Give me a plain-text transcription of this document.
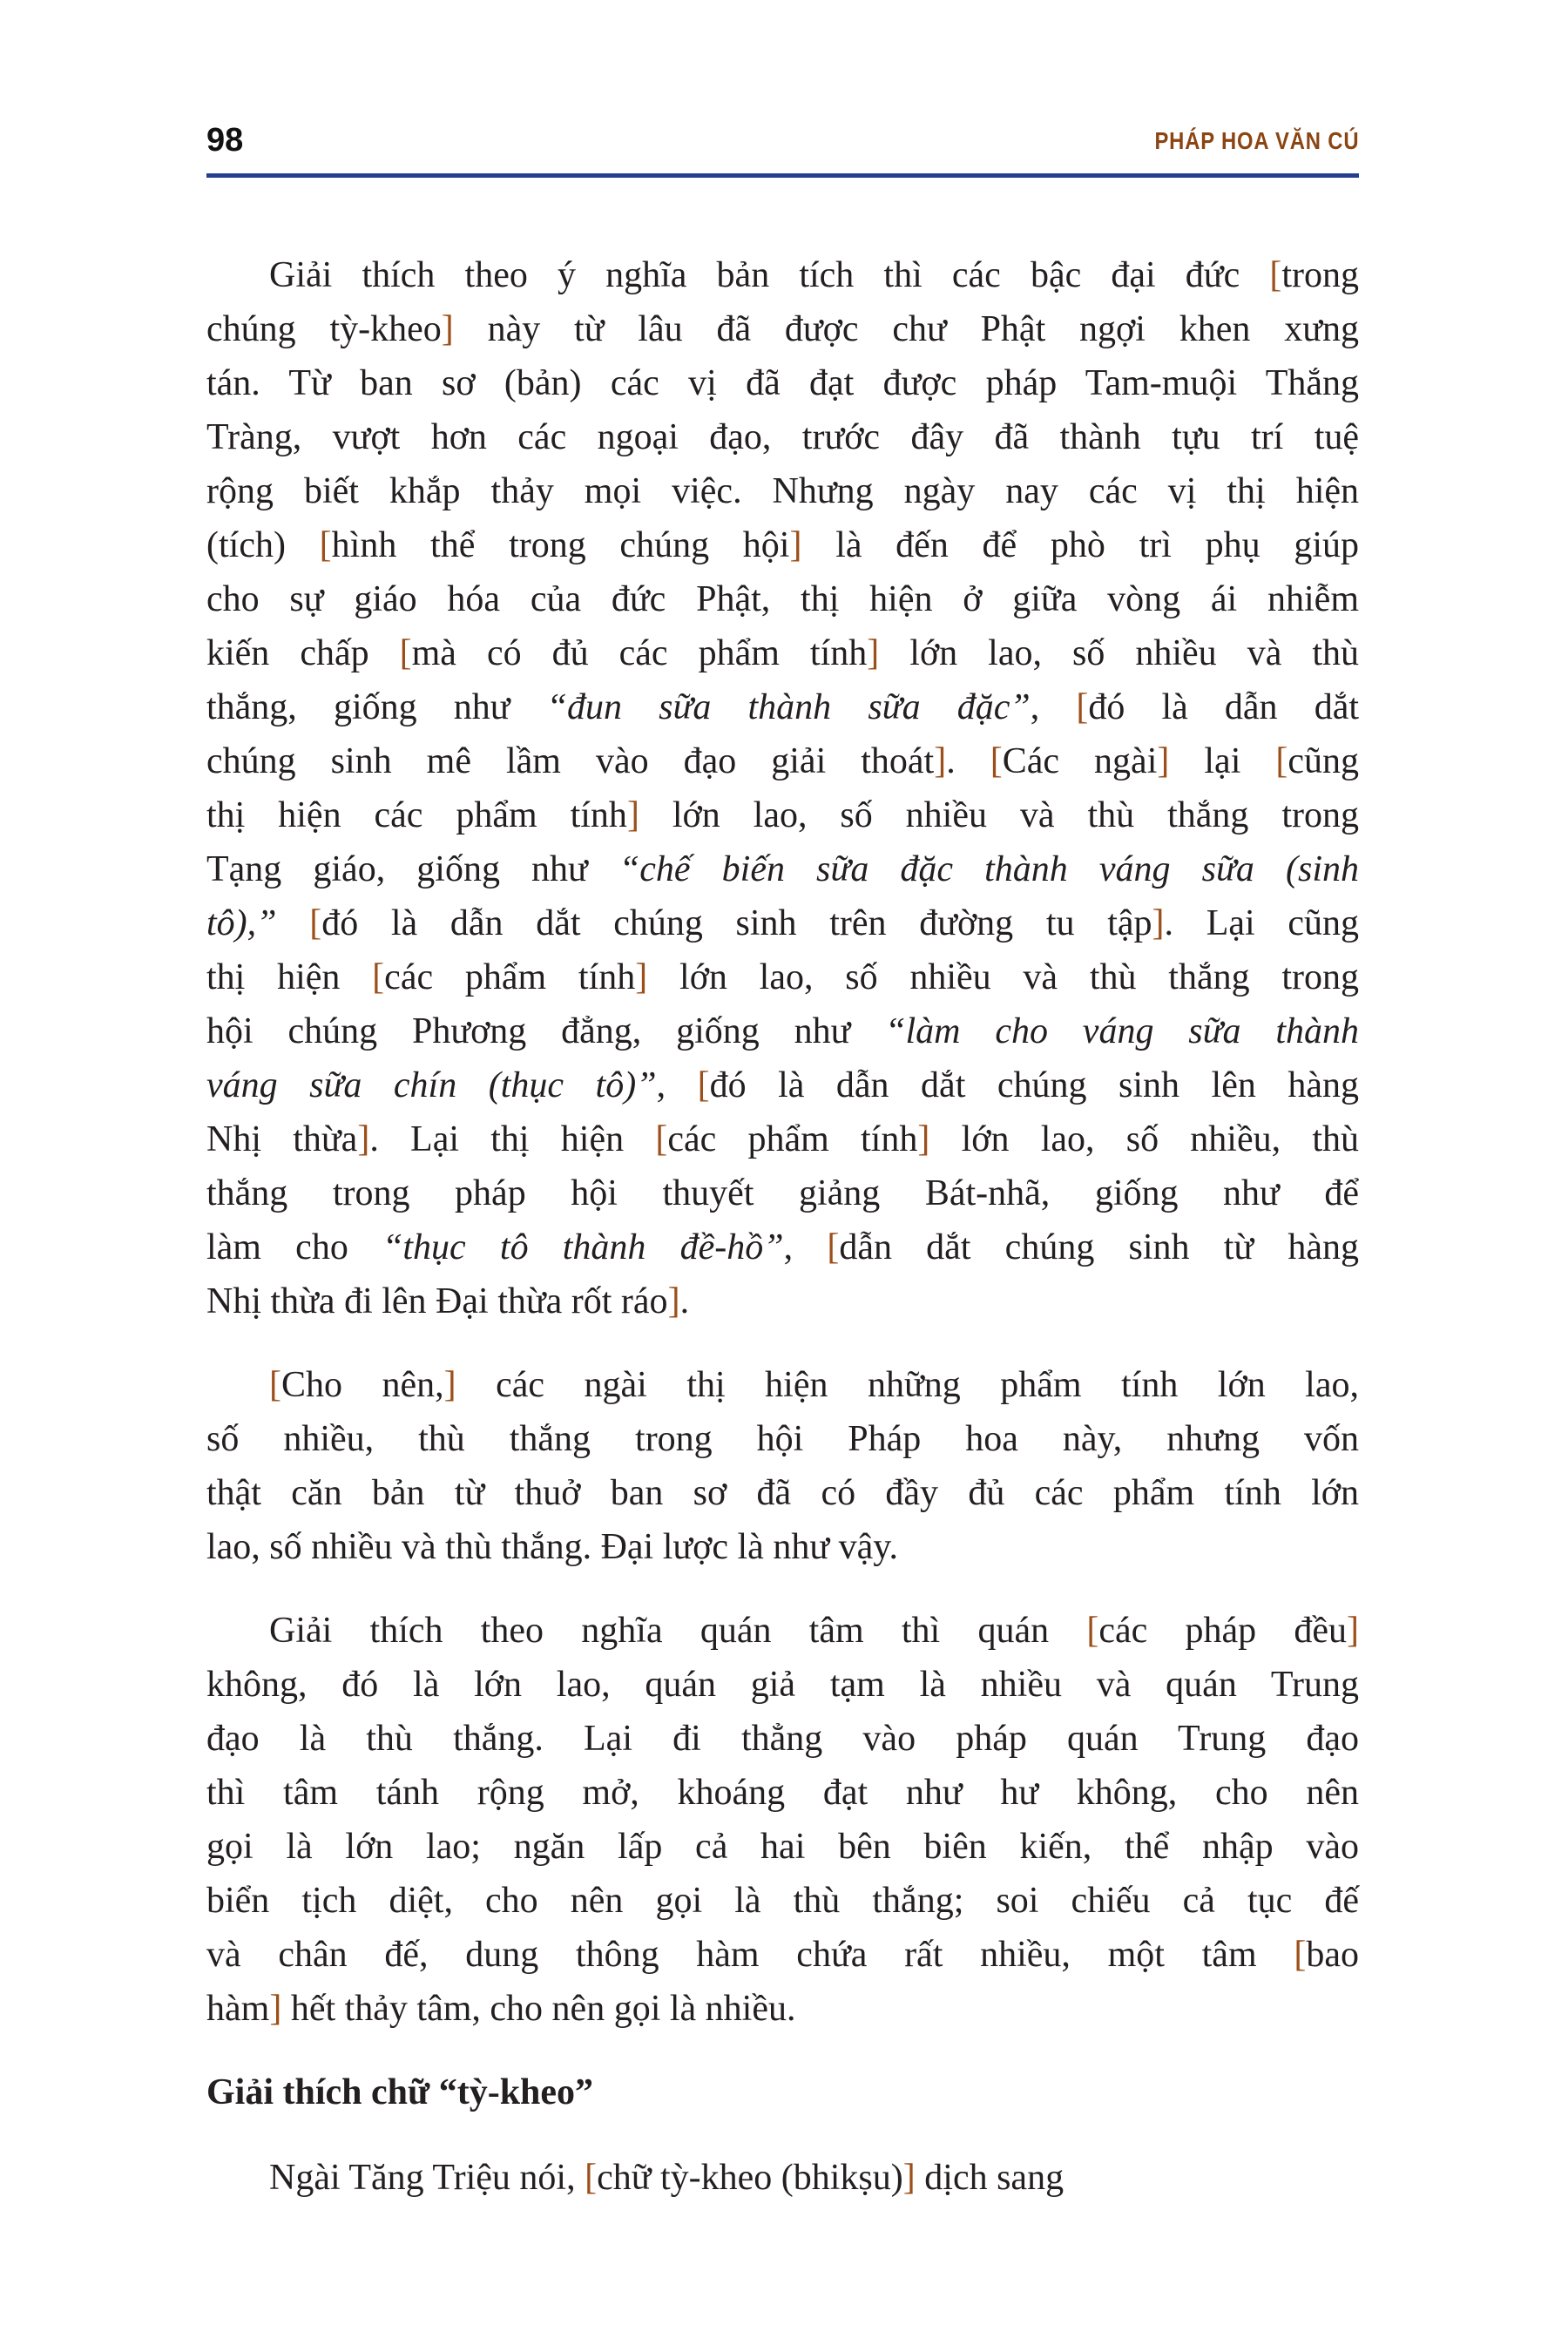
98	PHÁP HOA VĂN CÚ
Giải thích theo ý nghĩa bản tích thì các bậc đại đức [trong
chúng tỳ-kheo] này từ lâu đã được chư Phật ngợi khen xưng
tán. Từ ban sơ (bản) các vị đã đạt được pháp Tam-muội Thắng
Tràng, vượt hơn các ngoại đạo, trước đây đã thành tựu trí tuệ
rộng biết khắp thảy mọi việc. Nhưng ngày nay các vị thị hiện
(tích) [hình thể trong chúng hội] là đến để phò trì phụ giúp
cho sự giáo hóa của đức Phật, thị hiện ở giữa vòng ái nhiễm
kiến chấp [mà có đủ các phẩm tính] lớn lao, số nhiều và thù
thắng, giống như “đun sữa thành sữa đặc”, [đó là dẫn dắt
chúng sinh mê lầm vào đạo giải thoát]. [Các ngài] lại [cũng
thị hiện các phẩm tính] lớn lao, số nhiều và thù thắng trong
Tạng giáo, giống như “chế biến sữa đặc thành váng sữa (sinh
tô),” [đó là dẫn dắt chúng sinh trên đường tu tập]. Lại cũng
thị hiện [các phẩm tính] lớn lao, số nhiều và thù thắng trong
hội chúng Phương đẳng, giống như “làm cho váng sữa thành
váng sữa chín (thục tô)”, [đó là dẫn dắt chúng sinh lên hàng
Nhị thừa]. Lại thị hiện [các phẩm tính] lớn lao, số nhiều, thù
thắng trong pháp hội thuyết giảng Bát-nhã, giống như để
làm cho “thục tô thành đề-hồ”, [dẫn dắt chúng sinh từ hàng
Nhị thừa đi lên Đại thừa rốt ráo].
[Cho nên,] các ngài thị hiện những phẩm tính lớn lao,
số nhiều, thù thắng trong hội Pháp hoa này, nhưng vốn
thật căn bản từ thuở ban sơ đã có đầy đủ các phẩm tính lớn
lao, số nhiều và thù thắng. Đại lược là như vậy.
Giải thích theo nghĩa quán tâm thì quán [các pháp đều]
không, đó là lớn lao, quán giả tạm là nhiều và quán Trung
đạo là thù thắng. Lại đi thẳng vào pháp quán Trung đạo
thì tâm tánh rộng mở, khoáng đạt như hư không, cho nên
gọi là lớn lao; ngăn lấp cả hai bên biên kiến, thể nhập vào
biển tịch diệt, cho nên gọi là thù thắng; soi chiếu cả tục đế
và chân đế, dung thông hàm chứa rất nhiều, một tâm [bao
hàm] hết thảy tâm, cho nên gọi là nhiều.
Giải thích chữ “tỳ-kheo”
Ngài Tăng Triệu nói, [chữ tỳ-kheo (bhikṣu)] dịch sang
